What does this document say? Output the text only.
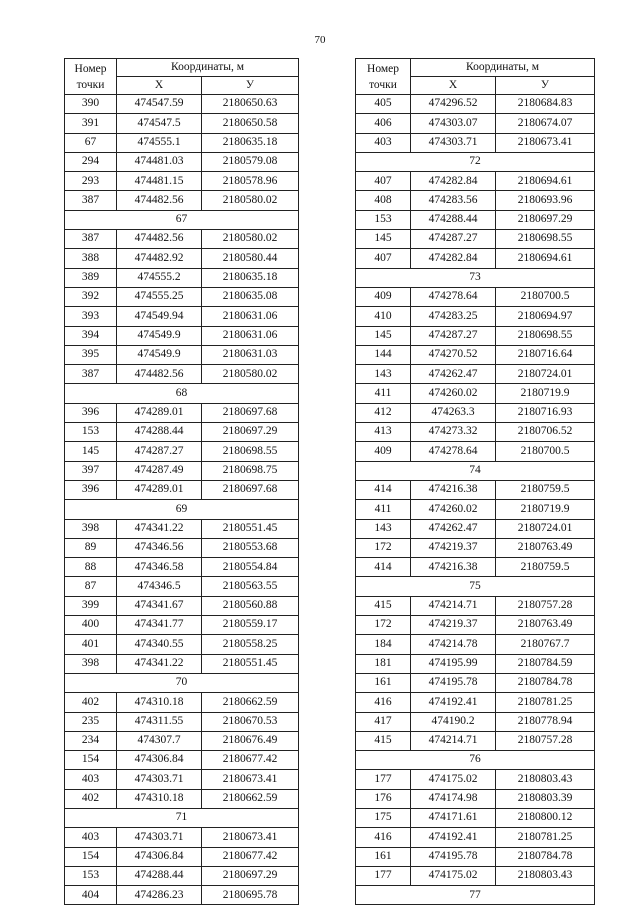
70
Номер точки	Координаты, м	
	X	У
390	474547.59	2180650.63
391	474547.5	2180650.58
67	474555.1	2180635.18
294	474481.03	2180579.08
293	474481.15	2180578.96
387	474482.56	2180580.02
67		
387	474482.56	2180580.02
388	474482.92	2180580.44
389	474555.2	2180635.18
392	474555.25	2180635.08
393	474549.94	2180631.06
394	474549.9	2180631.06
395	474549.9	2180631.03
387	474482.56	2180580.02
68		
396	474289.01	2180697.68
153	474288.44	2180697.29
145	474287.27	2180698.55
397	474287.49	2180698.75
396	474289.01	2180697.68
69		
398	474341.22	2180551.45
89	474346.56	2180553.68
88	474346.58	2180554.84
87	474346.5	2180563.55
399	474341.67	2180560.88
400	474341.77	2180559.17
401	474340.55	2180558.25
398	474341.22	2180551.45
70		
402	474310.18	2180662.59
235	474311.55	2180670.53
234	474307.7	2180676.49
154	474306.84	2180677.42
403	474303.71	2180673.41
402	474310.18	2180662.59
71		
403	474303.71	2180673.41
154	474306.84	2180677.42
153	474288.44	2180697.29
404	474286.23	2180695.78
Номер точки	Координаты, м	
	X	У
405	474296.52	2180684.83
406	474303.07	2180674.07
403	474303.71	2180673.41
72		
407	474282.84	2180694.61
408	474283.56	2180693.96
153	474288.44	2180697.29
145	474287.27	2180698.55
407	474282.84	2180694.61
73		
409	474278.64	2180700.5
410	474283.25	2180694.97
145	474287.27	2180698.55
144	474270.52	2180716.64
143	474262.47	2180724.01
411	474260.02	2180719.9
412	474263.3	2180716.93
413	474273.32	2180706.52
409	474278.64	2180700.5
74		
414	474216.38	2180759.5
411	474260.02	2180719.9
143	474262.47	2180724.01
172	474219.37	2180763.49
414	474216.38	2180759.5
75		
415	474214.71	2180757.28
172	474219.37	2180763.49
184	474214.78	2180767.7
181	474195.99	2180784.59
161	474195.78	2180784.78
416	474192.41	2180781.25
417	474190.2	2180778.94
415	474214.71	2180757.28
76		
177	474175.02	2180803.43
176	474174.98	2180803.39
175	474171.61	2180800.12
416	474192.41	2180781.25
161	474195.78	2180784.78
177	474175.02	2180803.43
77		
